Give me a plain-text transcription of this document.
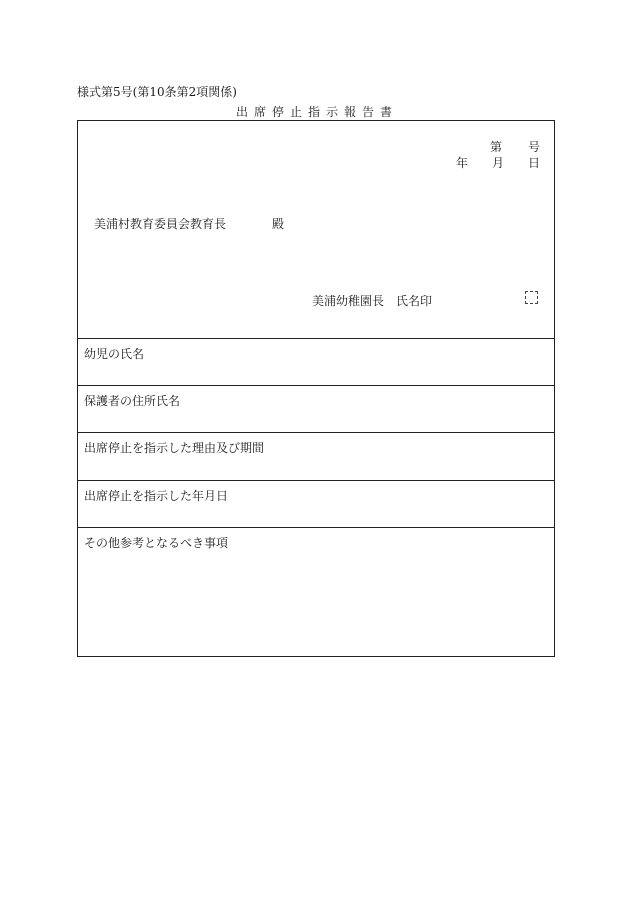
様式第5号(第10条第2項関係)
出席停止指示報告書
第 号
年 月 日
美浦村教育委員会教育長	殿
美浦幼稚園長　氏名印
幼児の氏名
保護者の住所氏名
出席停止を指示した理由及び期間
出席停止を指示した年月日
その他参考となるべき事項
